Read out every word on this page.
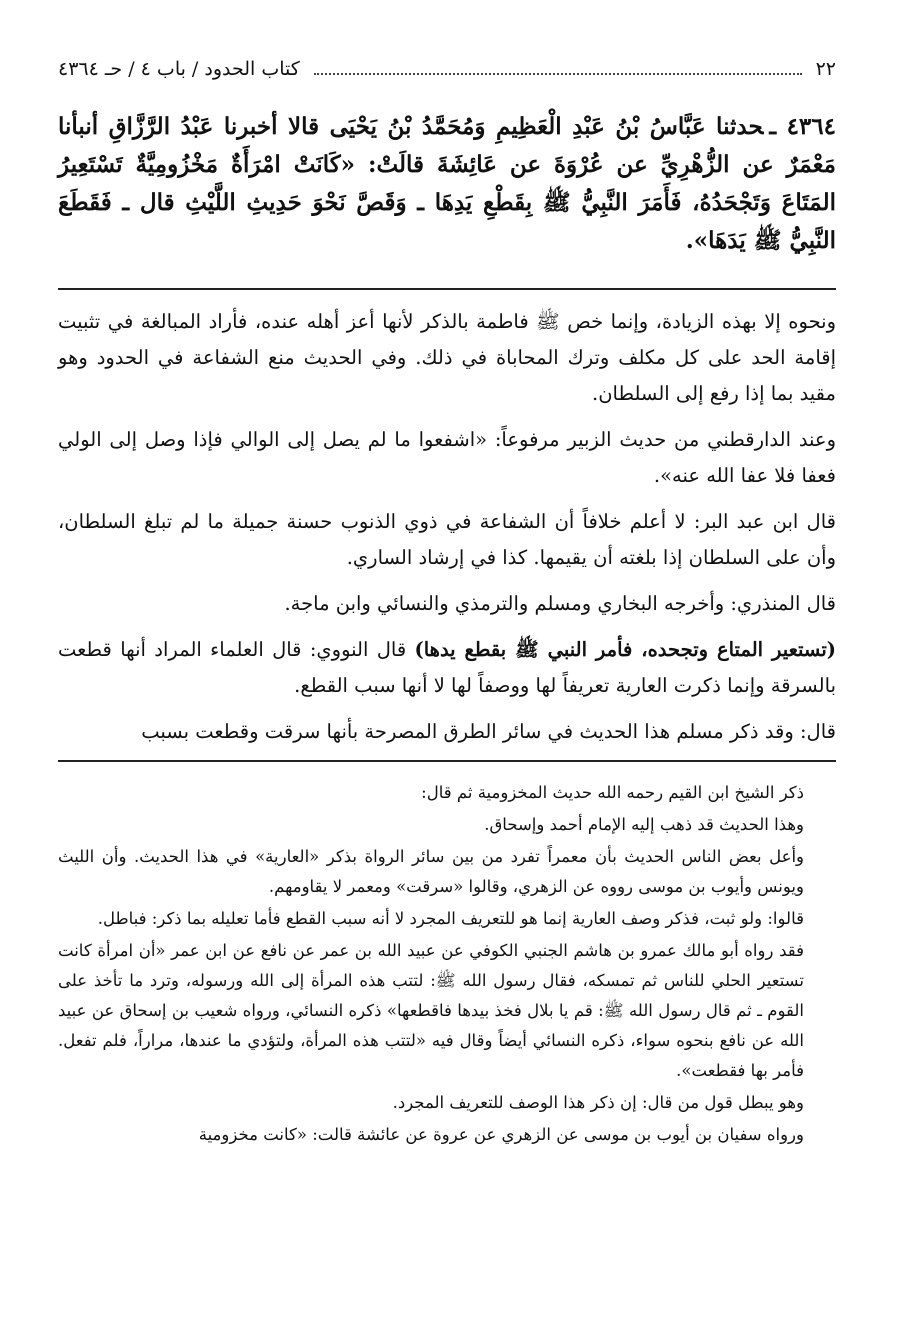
٢٢
كتاب الحدود / باب ٤ / حـ ٤٣٦٤
٤٣٦٤ ـحدثنا عَبَّاسُ بْنُ عَبْدِ الْعَظِيمِ وَمُحَمَّدُ بْنُ يَحْيَى قالا أخبرنا عَبْدُ الرَّزَّاقِ أنبأنا مَعْمَرٌ عن الزُّهْرِيِّ عن عُرْوَةَ عن عَائِشَةَ قالَتْ: «كَانَتْ امْرَأَةٌ مَخْزُومِيَّةٌ تَسْتَعِيرُ المَتَاعَ وَتَجْحَدُهُ، فَأَمَرَ النَّبِيُّ ﷺ بِقَطْعِ يَدِهَا ـ وَقَصَّ نَحْوَ حَدِيثِ اللَّيْثِ قال ـ فَقَطَعَ النَّبِيُّ ﷺ يَدَهَا».

ونحوه إلا بهذه الزيادة، وإنما خص ﷺ فاطمة بالذكر لأنها أعز أهله عنده، فأراد المبالغة في تثبيت إقامة الحد على كل مكلف وترك المحاباة في ذلك. وفي الحديث منع الشفاعة في الحدود وهو مقيد بما إذا رفع إلى السلطان.

وعند الدارقطني من حديث الزبير مرفوعاً: «اشفعوا ما لم يصل إلى الوالي فإذا وصل إلى الولي فعفا فلا عفا الله عنه».

قال ابن عبد البر: لا أعلم خلافاً أن الشفاعة في ذوي الذنوب حسنة جميلة ما لم تبلغ السلطان، وأن على السلطان إذا بلغته أن يقيمها. كذا في إرشاد الساري.

قال المنذري: وأخرجه البخاري ومسلم والترمذي والنسائي وابن ماجة.

(تستعير المتاع وتجحده، فأمر النبي ﷺ بقطع يدها) قال النووي: قال العلماء المراد أنها قطعت بالسرقة وإنما ذكرت العارية تعريفاً لها ووصفاً لها لا أنها سبب القطع.

قال: وقد ذكر مسلم هذا الحديث في سائر الطرق المصرحة بأنها سرقت وقطعت بسبب

ذكر الشيخ ابن القيم رحمه الله حديث المخزومية ثم قال:

وهذا الحديث قد ذهب إليه الإمام أحمد وإسحاق.

وأعل بعض الناس الحديث بأن معمراً تفرد من بين سائر الرواة بذكر «العارية» في هذا الحديث. وأن الليث ويونس وأيوب بن موسى رووه عن الزهري، وقالوا «سرقت» ومعمر لا يقاومهم.

قالوا: ولو ثبت، فذكر وصف العارية إنما هو للتعريف المجرد لا أنه سبب القطع فأما تعليله بما ذكر: فباطل.

فقد رواه أبو مالك عمرو بن هاشم الجنبي الكوفي عن عبيد الله بن عمر عن نافع عن ابن عمر «أن امرأة كانت تستعير الحلي للناس ثم تمسكه، فقال رسول الله ﷺ: لتتب هذه المرأة إلى الله ورسوله، وترد ما تأخذ على القوم ـ ثم قال رسول الله ﷺ: قم يا بلال فخذ بيدها فاقطعها» ذكره النسائي، ورواه شعيب بن إسحاق عن عبيد الله عن نافع بنحوه سواء، ذكره النسائي أيضاً وقال فيه «لتتب هذه المرأة، ولتؤدي ما عندها، مراراً، فلم تفعل. فأمر بها فقطعت».

وهو يبطل قول من قال: إن ذكر هذا الوصف للتعريف المجرد.

ورواه سفيان بن أيوب بن موسى عن الزهري عن عروة عن عائشة قالت: «كانت مخزومية
